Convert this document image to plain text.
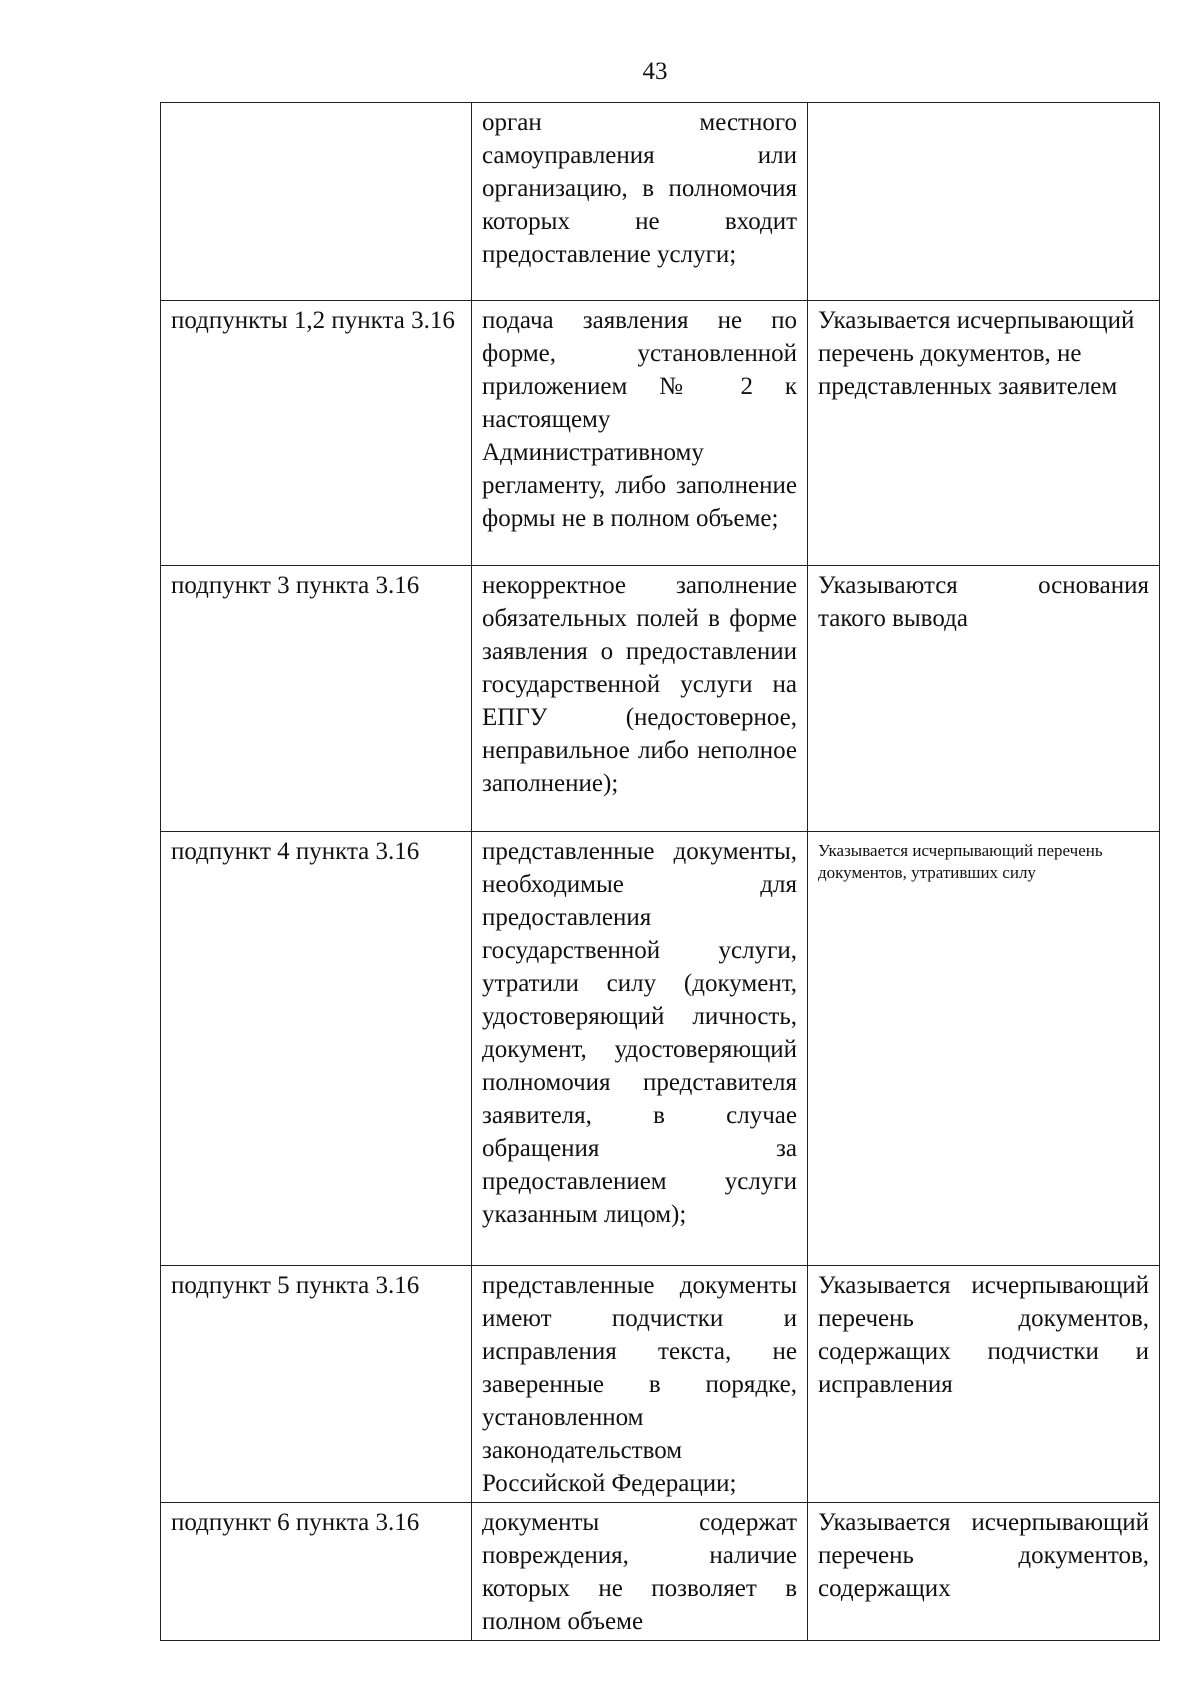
43

	орган местного самоуправления или организацию, в полномочия которых не входит предоставление услуги;	

подпункты 1,2 пункта 3.16	подача заявления не по форме, установленной приложением № 2 к настоящему Административному регламенту, либо заполнение формы не в полном объеме;	Указывается исчерпывающий перечень документов, не представленных заявителем

подпункт 3 пункта 3.16	некорректное заполнение обязательных полей в форме заявления о предоставлении государственной услуги на ЕПГУ (недостоверное, неправильное либо неполное заполнение);	Указываются основания такого вывода

подпункт 4 пункта 3.16	представленные документы, необходимые для предоставления государственной услуги, утратили силу (документ, удостоверяющий личность, документ, удостоверяющий полномочия представителя заявителя, в случае обращения за предоставлением услуги указанным лицом);	Указывается исчерпывающий перечень документов, утративших силу

подпункт 5 пункта 3.16	представленные документы имеют подчистки и исправления текста, не заверенные в порядке, установленном законодательством Российской Федерации;	Указывается исчерпывающий перечень документов, содержащих подчистки и исправления

подпункт 6 пункта 3.16	документы содержат повреждения, наличие которых не позволяет в полном объеме	Указывается исчерпывающий перечень документов, содержащих
